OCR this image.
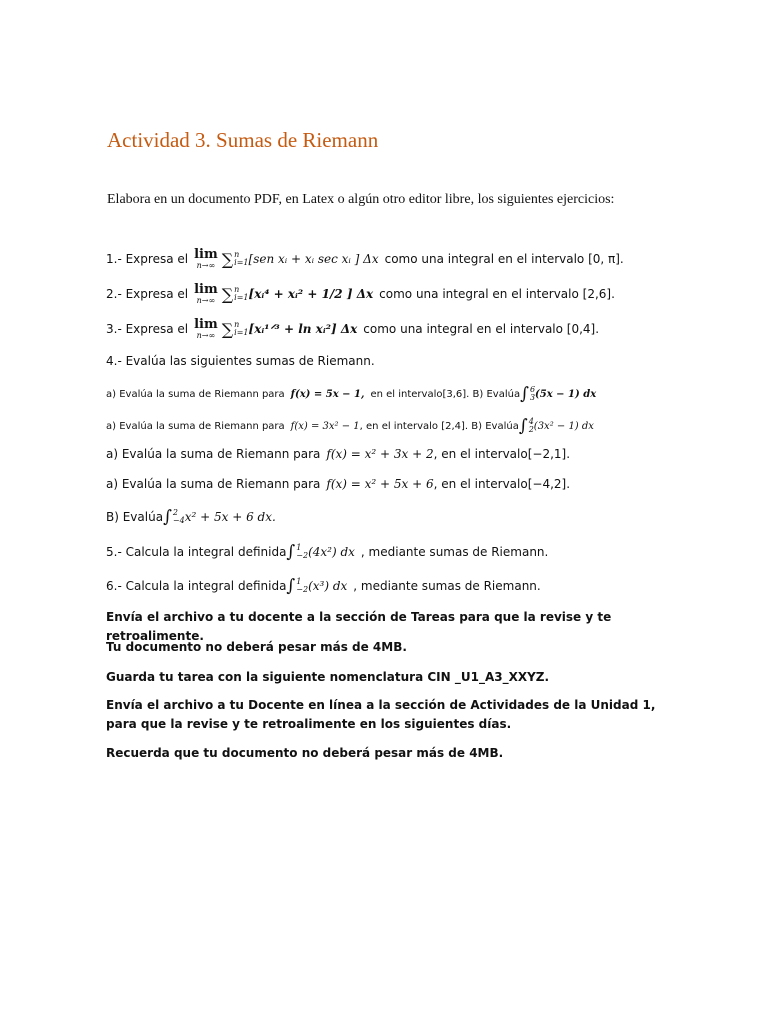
Actividad 3. Sumas de Riemann
Elabora en un documento PDF, en Latex o algún otro editor libre, los siguientes ejercicios:
1.- Expresa el lim
n→∞ ∑ n
i=1 [sen xᵢ + xᵢ sec xᵢ ] Δx como una integral en el intervalo [0, π].
2.- Expresa el lim
n→∞ ∑ n
i=1 [xᵢ⁴ + xᵢ² + 1/2 ] Δx como una integral en el intervalo [2,6].
3.- Expresa el lim
n→∞ ∑ n
i=1 [xᵢ¹ᐟ³ + ln xᵢ²] Δx como una integral en el intervalo [0,4].
4.- Evalúa las siguientes sumas de Riemann.
a) Evalúa la suma de Riemann para f(x) = 5x − 1, en el intervalo[3,6]. B) Evalúa ∫ 6
3 (5x − 1) dx
a) Evalúa la suma de Riemann para f(x) = 3x² − 1 , en el intervalo [2,4]. B) Evalúa ∫ 4
2 (3x² − 1) dx
a) Evalúa la suma de Riemann para f(x) = x² + 3x + 2 , en el intervalo[−2,1].
a) Evalúa la suma de Riemann para f(x) = x² + 5x + 6 , en el intervalo[−4,2].
B) Evalúa ∫ 2
−4 x² + 5x + 6 dx.
5.- Calcula la integral definida ∫ 1
−2 (4x²) dx , mediante sumas de Riemann.
6.- Calcula la integral definida ∫ 1
−2 (x³) dx , mediante sumas de Riemann.
Envía el archivo a tu docente a la sección de Tareas para que la revise y te retroalimente.
Tu documento no deberá pesar más de 4MB.
Guarda tu tarea con la siguiente nomenclatura CIN _U1_A3_XXYZ.
Envía el archivo a tu Docente en línea a la sección de Actividades de la Unidad 1, para que la revise y te retroalimente en los siguientes días.
Recuerda que tu documento no deberá pesar más de 4MB.
